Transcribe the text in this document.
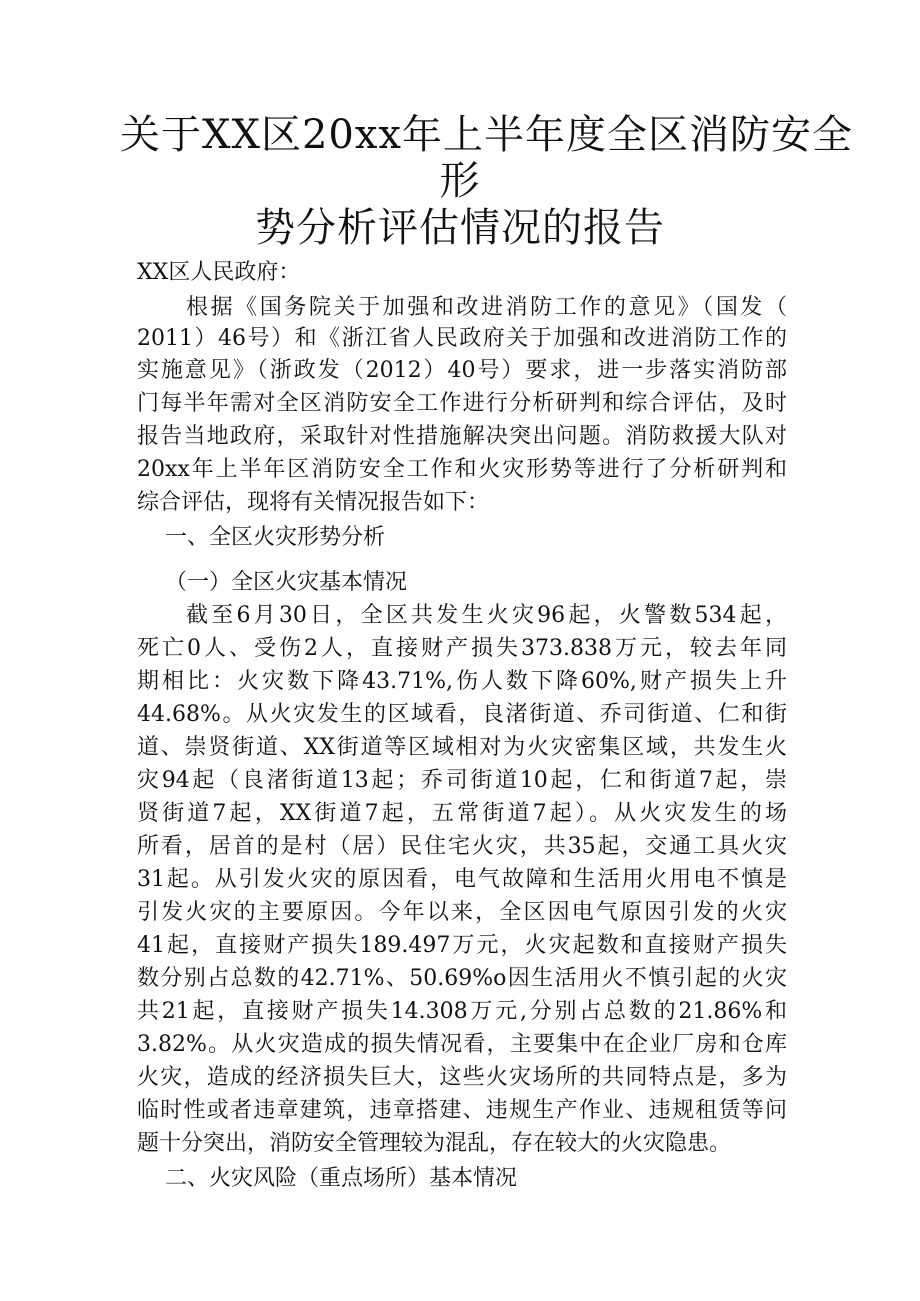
关于XX区20xx年上半年度全区消防安全
形
势分析评估情况的报告
XX区人民政府：
根据《国务院关于加强和改进消防工作的意见》（国发（
2011）46号）和《浙江省人民政府关于加强和改进消防工作的
实施意见》（浙政发（2012）40号）要求，进一步落实消防部
门每半年需对全区消防安全工作进行分析研判和综合评估，及时
报告当地政府，采取针对性措施解决突出问题。消防救援大队对
20xx年上半年区消防安全工作和火灾形势等进行了分析研判和
综合评估，现将有关情况报告如下：
一、全区火灾形势分析
（一）全区火灾基本情况
截至6月30日，全区共发生火灾96起，火警数534起，
死亡0人、受伤2人，直接财产损失373.838万元，较去年同
期相比：火灾数下降43.71%,伤人数下降60%,财产损失上升
44.68%。从火灾发生的区域看，良渚街道、乔司街道、仁和街
道、崇贤街道、XX街道等区域相对为火灾密集区域，共发生火
灾94起（良渚街道13起；乔司街道10起，仁和街道7起，崇
贤街道7起，XX街道7起，五常街道7起）。从火灾发生的场
所看，居首的是村（居）民住宅火灾，共35起，交通工具火灾
31起。从引发火灾的原因看，电气故障和生活用火用电不慎是
引发火灾的主要原因。今年以来，全区因电气原因引发的火灾
41起，直接财产损失189.497万元，火灾起数和直接财产损失
数分别占总数的42.71%、50.69%o因生活用火不慎引起的火灾
共21起，直接财产损失14.308万元,分别占总数的21.86%和
3.82%。从火灾造成的损失情况看，主要集中在企业厂房和仓库
火灾，造成的经济损失巨大，这些火灾场所的共同特点是，多为
临时性或者违章建筑，违章搭建、违规生产作业、违规租赁等问
题十分突出，消防安全管理较为混乱，存在较大的火灾隐患。
二、火灾风险（重点场所）基本情况
